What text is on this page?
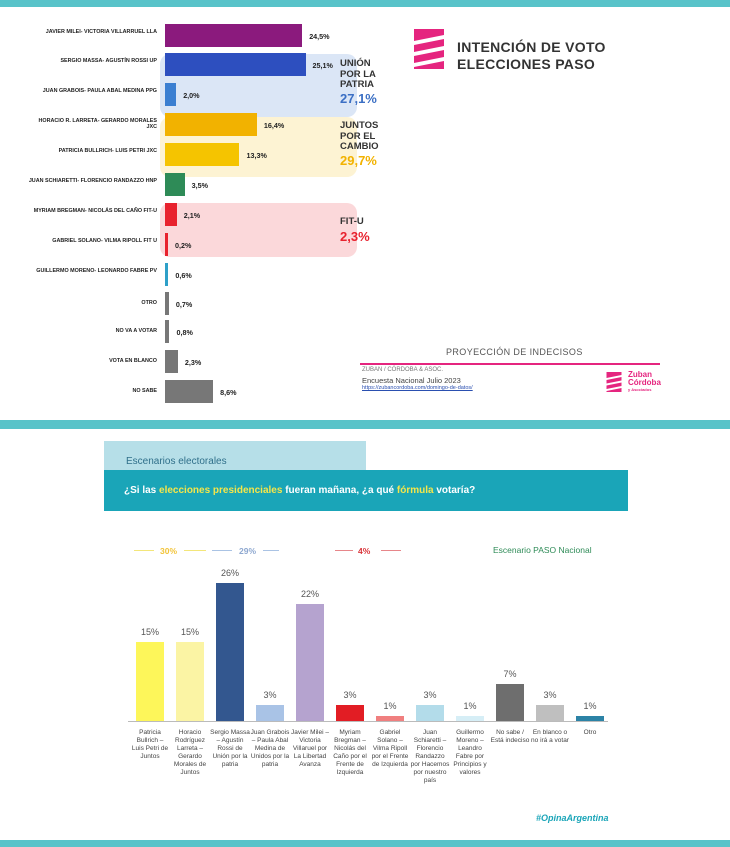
JAVIER MILEI- VICTORIA VILLARRUEL LLA
24,5%
SERGIO MASSA- AGUSTÍN ROSSI UP
25,1%
JUAN GRABOIS- PAULA ABAL MEDINA PPG
2,0%
HORACIO R. LARRETA- GERARDO MORALES JXC	16,4%
PATRICIA BULLRICH- LUIS PETRI JXC
13,3%
JUAN SCHIARETTI- FLORENCIO RANDAZZO HNP
3,5%
MYRIAM BREGMAN- NICOLÁS DEL CAÑO FIT-U
2,1%
GABRIEL SOLANO- VILMA RIPOLL FIT U
0,2%
GUILLERMO MORENO- LEONARDO FABRE PV
0,6%
OTRO	0,7%
NO VA A VOTAR	0,8%
VOTA EN BLANCO	2,3%
NO SABE	8,6%
UNIÓN POR LA PATRIA
27,1%
JUNTOS POR EL CAMBIO
29,7%
FIT-U
2,3%
INTENCIÓN DE VOTO
ELECCIONES PASO
PROYECCIÓN DE INDECISOS
ZUBAN / CÓRDOBA & ASOC.
Encuesta Nacional Julio 2023
https://zubancordoba.com/domingo-de-datos/
Zuban
Córdoba
y Asociados
Escenarios electorales
¿Si las elecciones presidenciales fueran mañana, ¿a qué fórmula votaría?
30%	29%	4%	Escenario PASO Nacional
15%
Patricia Bullrich – Luis Petri de Juntos
15%
Horacio Rodríguez Larreta – Gerardo Morales de Juntos
26%
Sergio Massa – Agustín Rossi de Unión por la patria
3%
Juan Grabois – Paula Abal Medina de Unidos por la patria
22%
Javier Milei – Victoria Villaruel por La Libertad Avanza
3%
Myriam Bregman – Nicolás del Caño por el Frente de Izquierda
1%
Gabriel Solano – Vilma Ripoll por el Frente de Izquierda
3%
Juan Schiaretti – Florencio Randazzo por Hacemos por nuestro país
1%
Guillermo Moreno – Leandro Fabre por Principios y valores
7%
No sabe / Está indeciso
3%
En blanco o no irá a votar
1%
Otro
#OpinaArgentina
